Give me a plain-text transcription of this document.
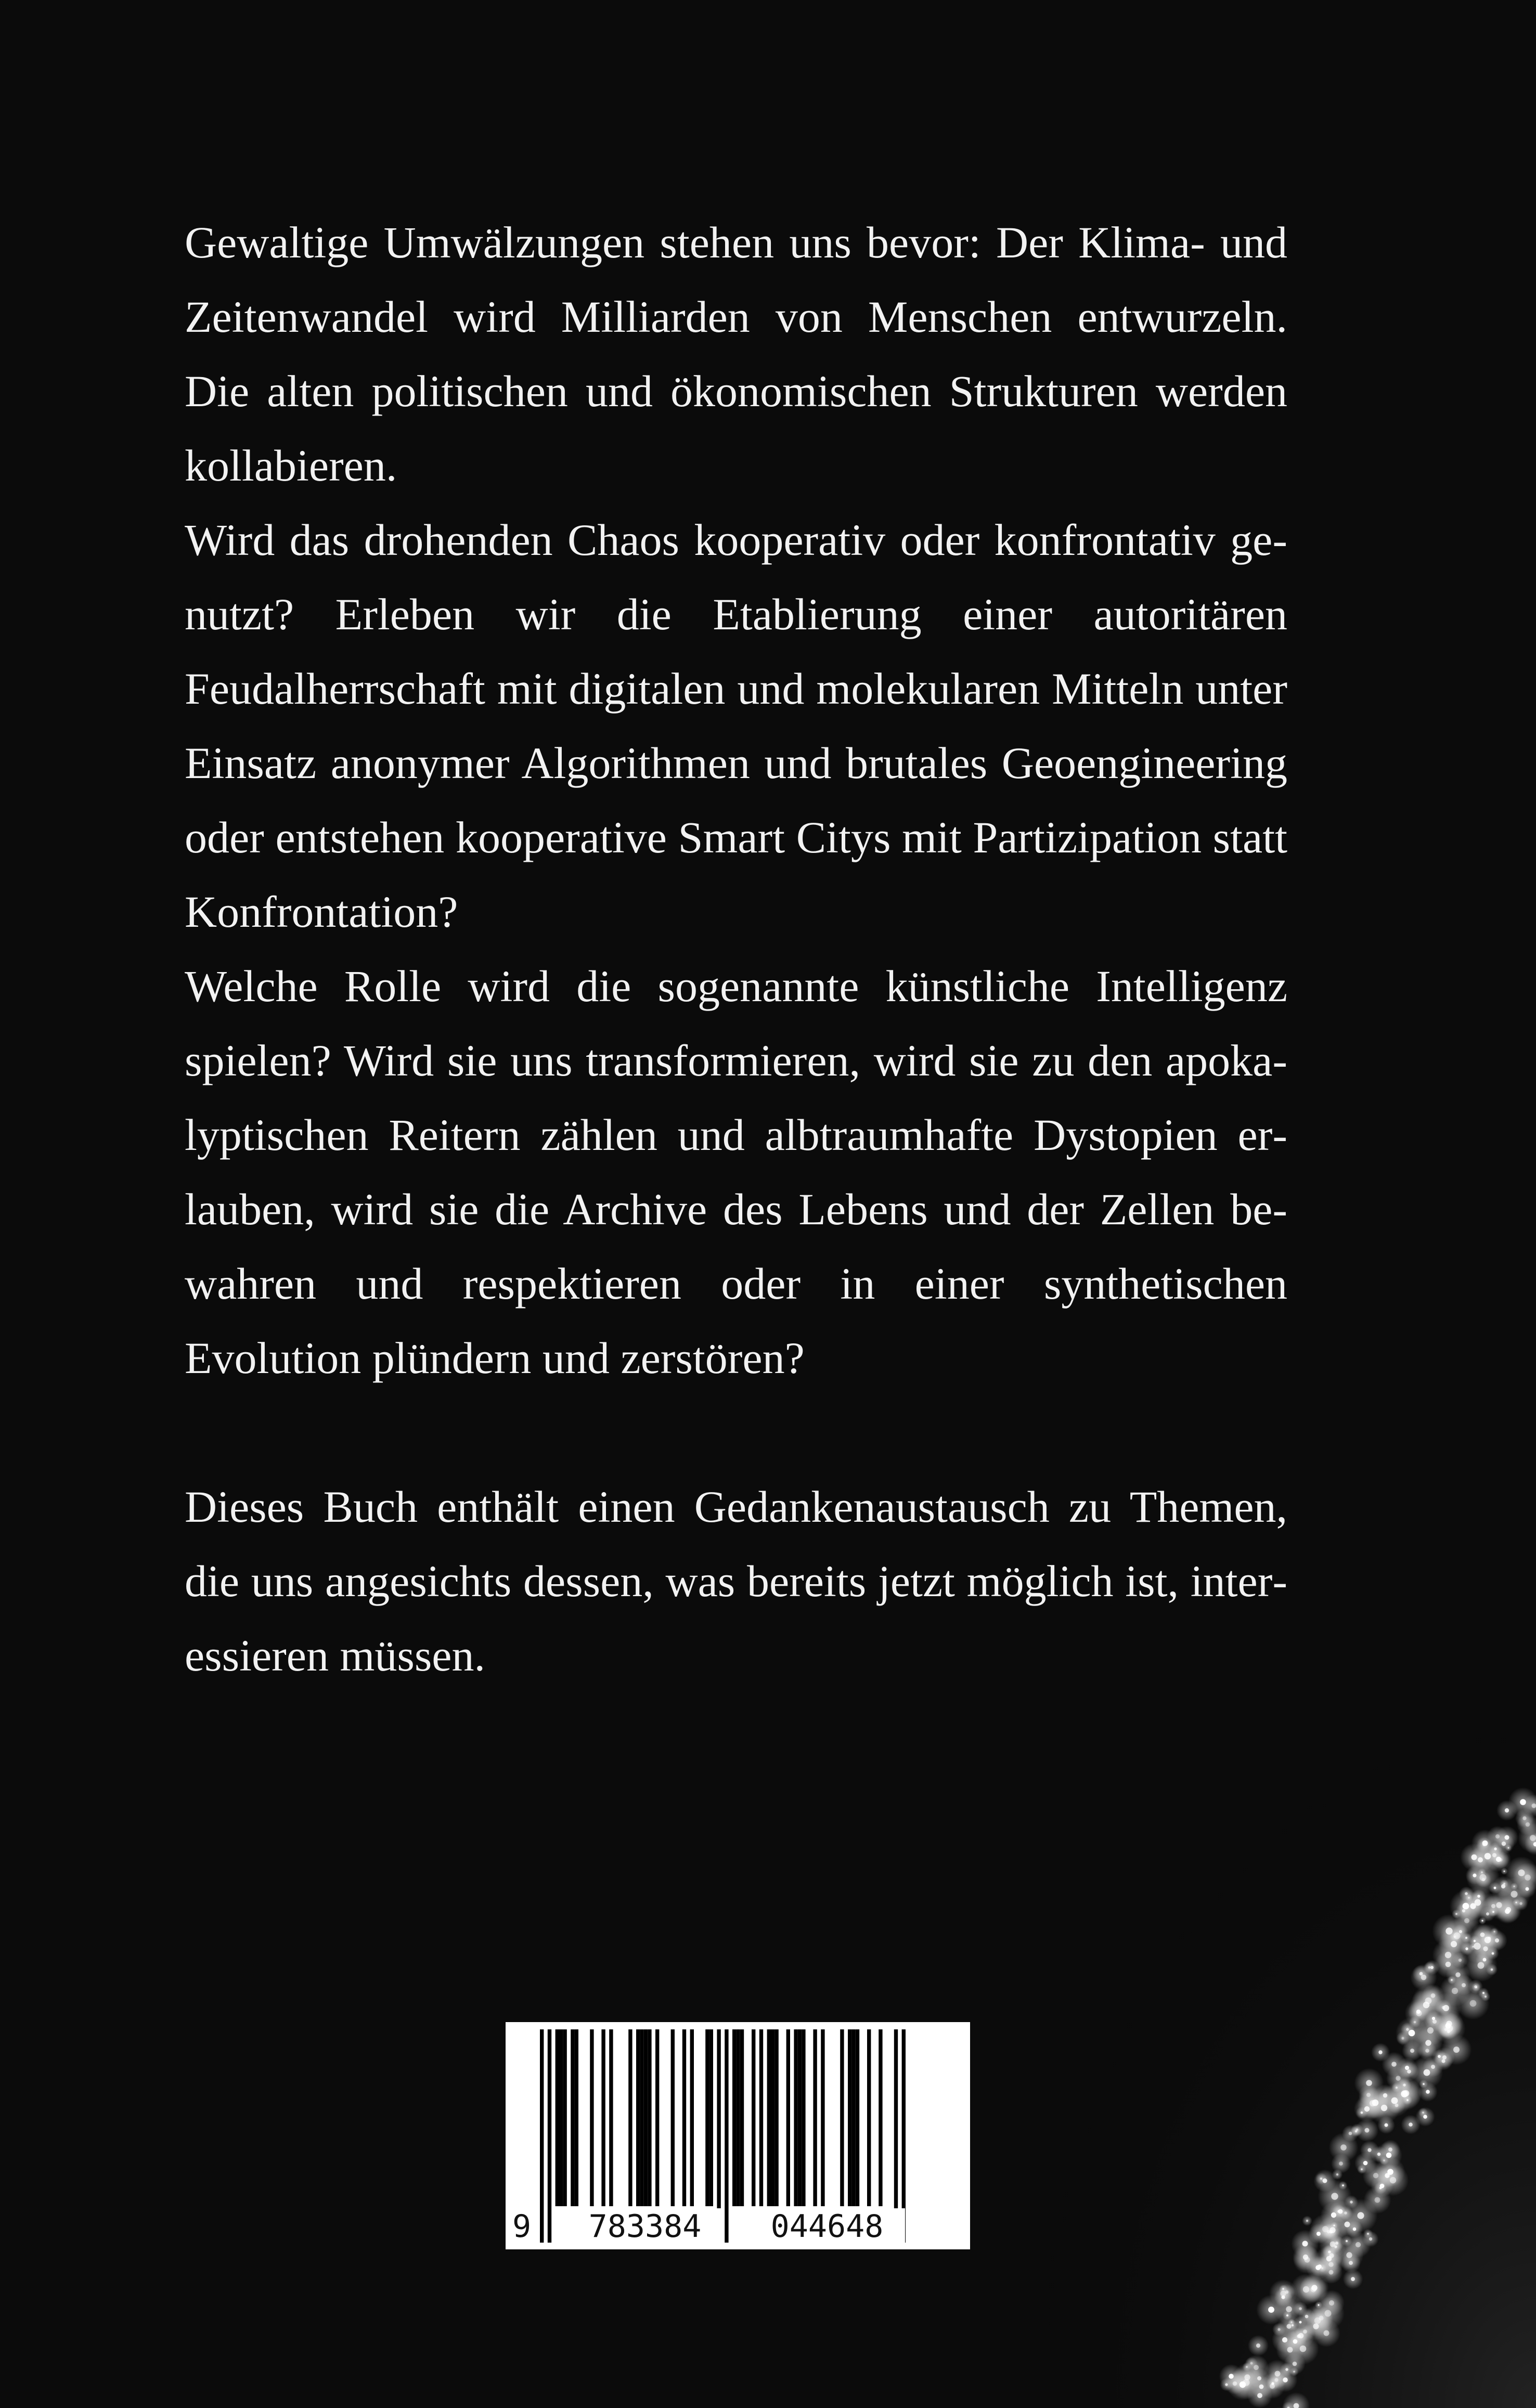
Gewaltige Umwälzungen stehen uns bevor: Der Klima- und Zeitenwandel wird Milliarden von Menschen entwurzeln. Die alten politischen und ökonomischen Strukturen werden kollabieren.

Wird das drohenden Chaos kooperativ oder konfrontativ genutzt? Erleben wir die Etablierung einer autoritären Feudalherrschaft mit digitalen und molekularen Mitteln unter Einsatz anonymer Algorithmen und brutales Geoengineering oder entstehen kooperative Smart Citys mit Partizipation statt Konfrontation?

Welche Rolle wird die sogenannte künstliche Intelligenz spielen? Wird sie uns transformieren, wird sie zu den apokalyptischen Reitern zählen und albtraumhafte Dystopien erlauben, wird sie die Archive des Lebens und der Zellen bewahren und respektieren oder in einer synthetischen Evolution plündern und zerstören?

Dieses Buch enthält einen Gedankenaustausch zu Themen, die uns angesichts dessen, was bereits jetzt möglich ist, interessieren müssen.

9	783384	044648
